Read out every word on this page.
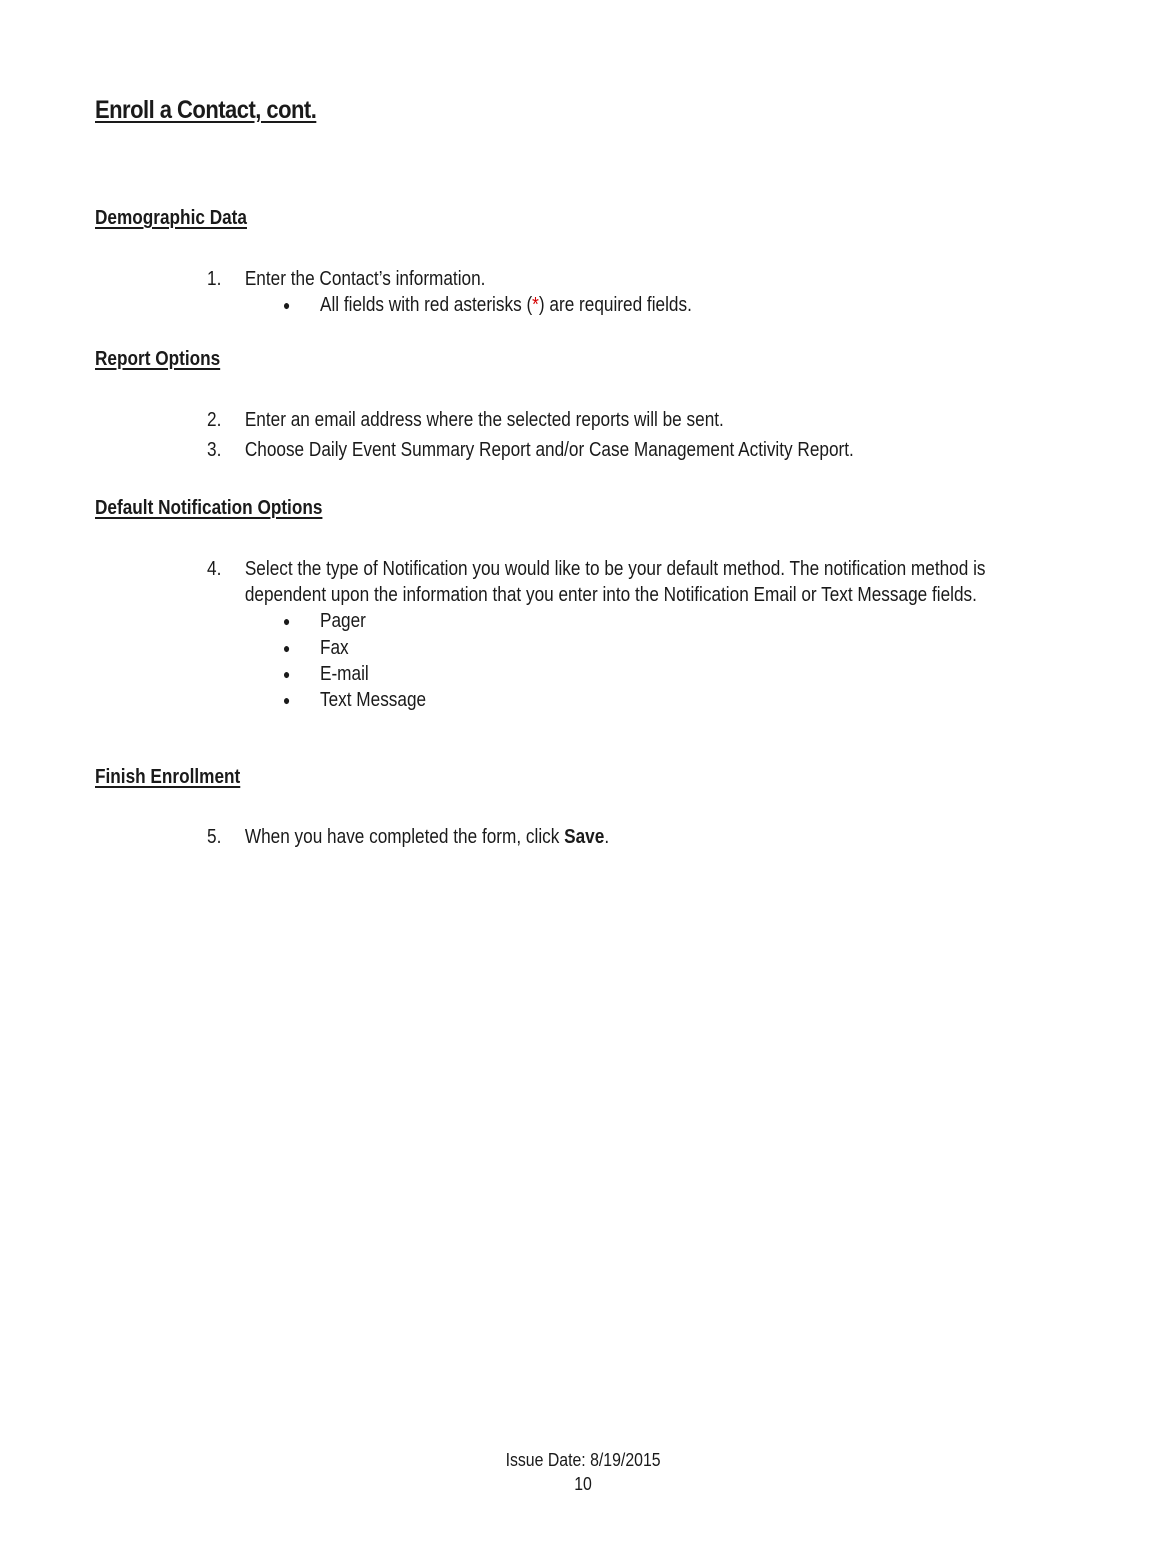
Enroll a Contact, cont.
Demographic Data
1. Enter the Contact’s information.
● All fields with red asterisks (*) are required fields.
Report Options
2. Enter an email address where the selected reports will be sent.
3. Choose Daily Event Summary Report and/or Case Management Activity Report.
Default Notification Options
4. Select the type of Notification you would like to be your default method. The notification method is
dependent upon the information that you enter into the Notification Email or Text Message fields.
● Pager
● Fax
● E-mail
● Text Message
Finish Enrollment
5. When you have completed the form, click Save.
Issue Date: 8/19/2015
10
